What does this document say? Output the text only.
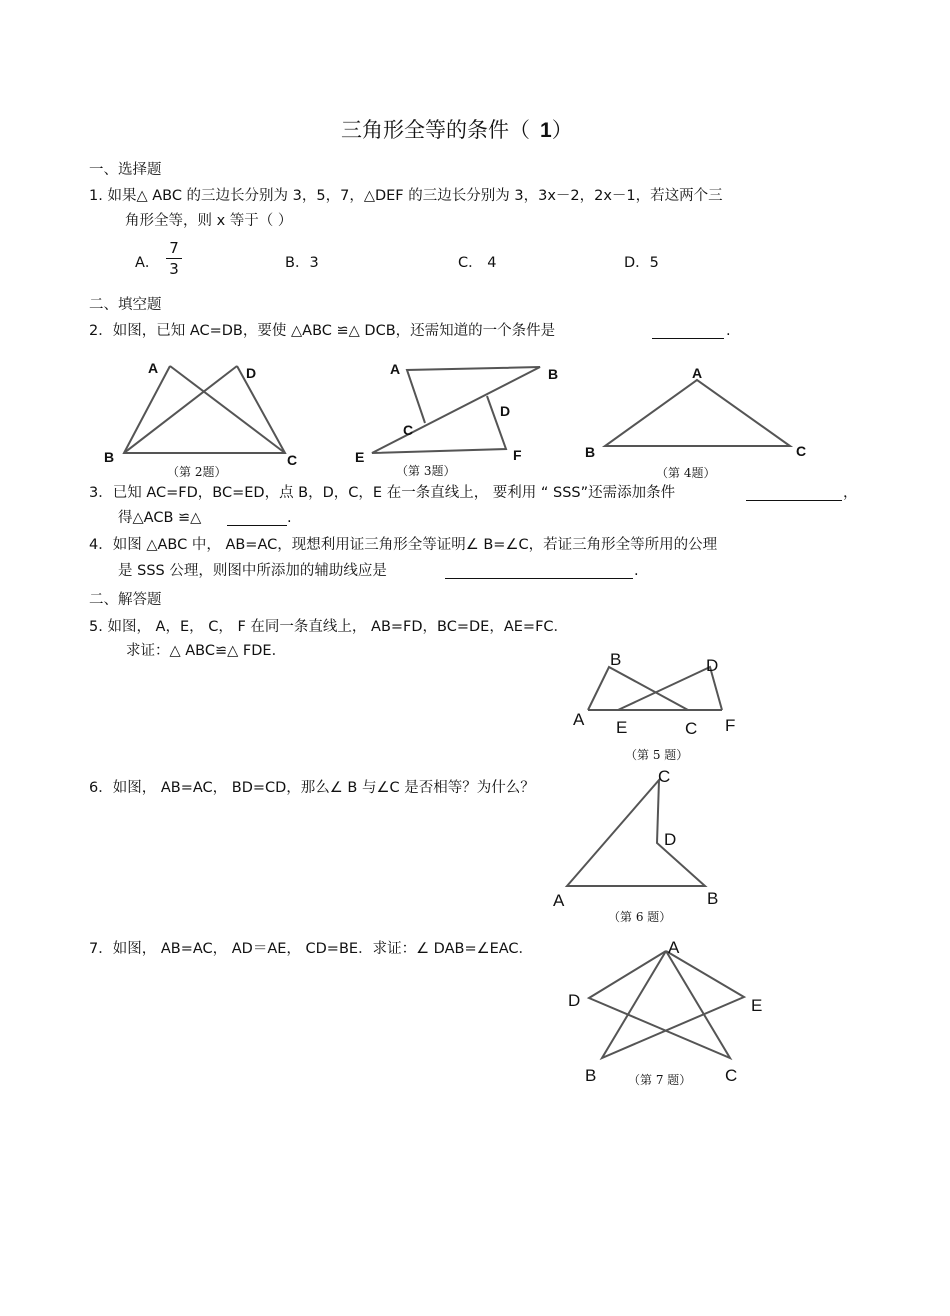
三角形全等的条件（ 1）
一、选择题
1. 如果△ ABC 的三边长分别为 3，5，7，△DEF 的三边长分别为 3，3x－2，2x－1，若这两个三
角形全等，则 x 等于（ ）
A．
7
3	B．3	C． 4	D．5
二、填空题
2．如图，已知 AC=DB，要使 △ABC ≌△ DCB，还需知道的一个条件是	.
A	D
B	C
A	B
C
D
E	F
A
B	C
B	D
A E	C F
C
D
A	B
A
D	E
B	C
（第 2题）	（第 3题）	（第 4题）
3．已知 AC=FD，BC=ED，点 B，D，C，E 在一条直线上， 要利用 “ SSS”还需添加条件	，
得△ACB ≌△	.
4．如图 △ABC 中， AB=AC，现想利用证三角形全等证明∠ B=∠C，若证三角形全等所用的公理
是 SSS 公理，则图中所添加的辅助线应是	.
二、解答题
5. 如图， A，E， C， F 在同一条直线上， AB=FD，BC=DE，AE=FC．
求证：△ ABC≌△ FDE．
（第 5 题）
6．如图， AB=AC， BD=CD，那么∠ B 与∠C 是否相等？为什么？
（第 6 题）
7．如图， AB=AC， AD＝AE， CD=BE．求证：∠ DAB=∠EAC．
（第 7 题）
